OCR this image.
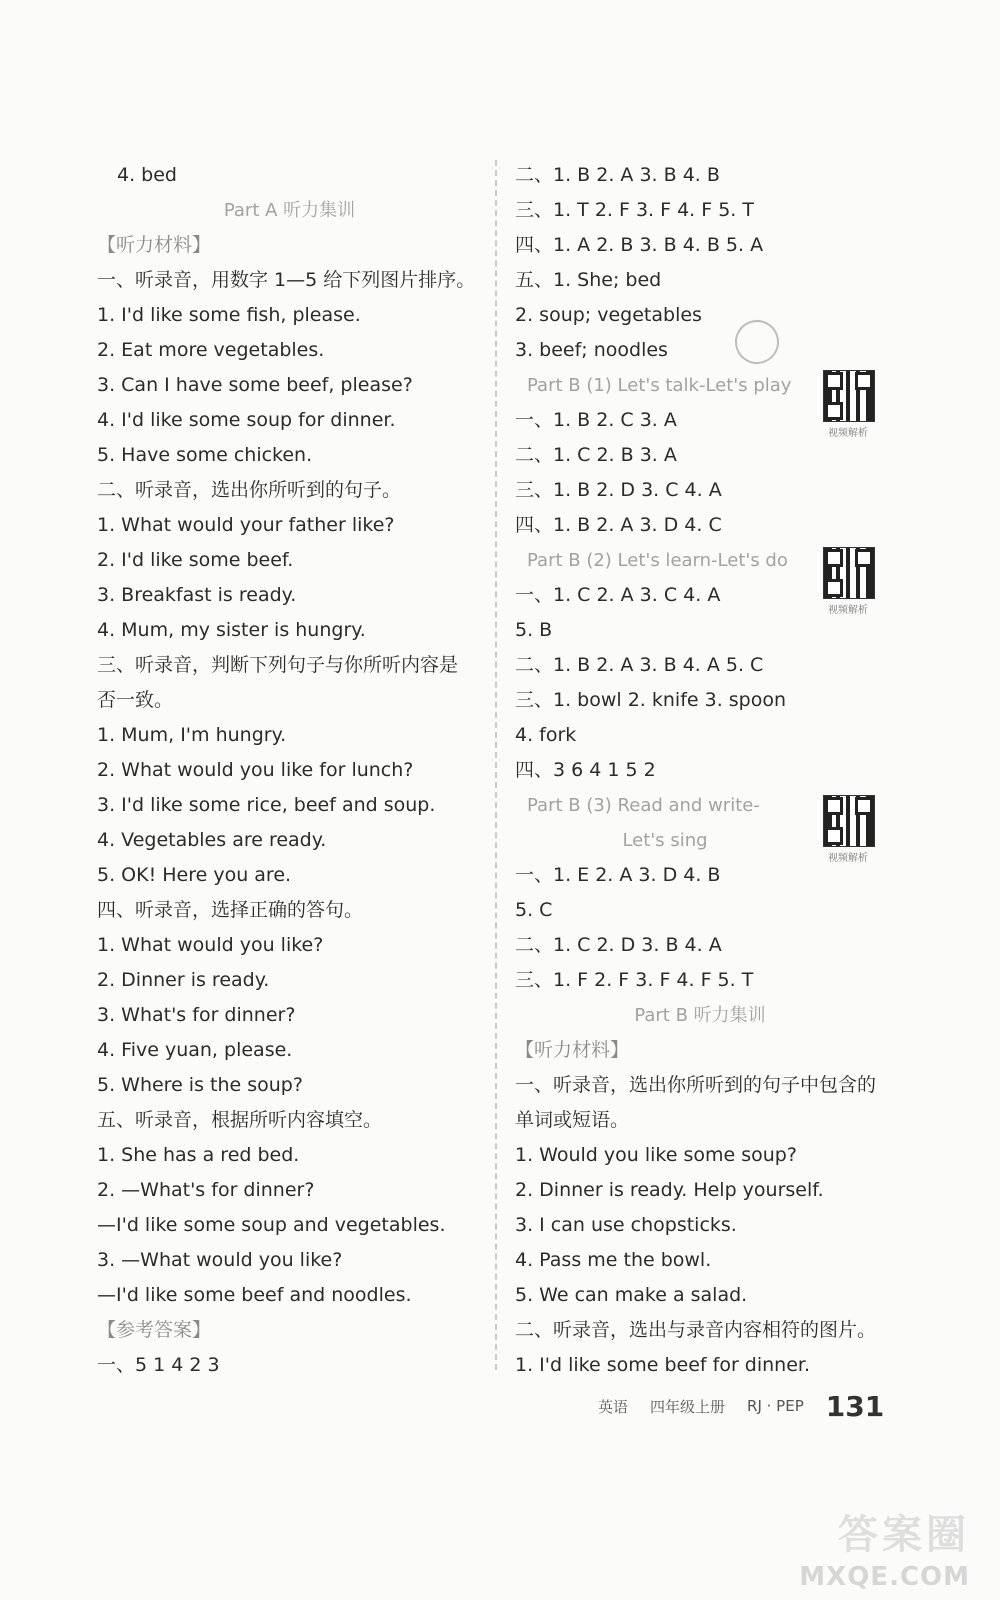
4. bed
Part A 听力集训
【听力材料】
一、听录音，用数字 1—5 给下列图片排序。
1. I'd like some fish, please.
2. Eat more vegetables.
3. Can I have some beef, please?
4. I'd like some soup for dinner.
5. Have some chicken.
二、听录音，选出你所听到的句子。
1. What would your father like?
2. I'd like some beef.
3. Breakfast is ready.
4. Mum, my sister is hungry.
三、听录音，判断下列句子与你所听内容是
否一致。
1. Mum, I'm hungry.
2. What would you like for lunch?
3. I'd like some rice, beef and soup.
4. Vegetables are ready.
5. OK! Here you are.
四、听录音，选择正确的答句。
1. What would you like?
2. Dinner is ready.
3. What's for dinner?
4. Five yuan, please.
5. Where is the soup?
五、听录音，根据所听内容填空。
1. She has a red bed.
2. —What's for dinner?
—I'd like some soup and vegetables.
3. —What would you like?
—I'd like some beef and noodles.
【参考答案】
一、5 1 4 2 3
二、1. B 2. A 3. B 4. B
三、1. T 2. F 3. F 4. F 5. T
四、1. A 2. B 3. B 4. B 5. A
五、1. She; bed
2. soup; vegetables
3. beef; noodles
Part B (1) Let's talk-Let's play
一、1. B 2. C 3. A
二、1. C 2. B 3. A
三、1. B 2. D 3. C 4. A
四、1. B 2. A 3. D 4. C
Part B (2) Let's learn-Let's do
一、1. C 2. A 3. C 4. A
5. B
二、1. B 2. A 3. B 4. A 5. C
三、1. bowl 2. knife 3. spoon
4. fork
四、3 6 4 1 5 2
Part B (3) Read and write-
Let's sing
一、1. E 2. A 3. D 4. B
5. C
二、1. C 2. D 3. B 4. A
三、1. F 2. F 3. F 4. F 5. T
Part B 听力集训
【听力材料】
一、听录音，选出你所听到的句子中包含的
单词或短语。
1. Would you like some soup?
2. Dinner is ready. Help yourself.
3. I can use chopsticks.
4. Pass me the bowl.
5. We can make a salad.
二、听录音，选出与录音内容相符的图片。
1. I'd like some beef for dinner.
视频解析
视频解析
视频解析
英语 四年级上册 RJ · PEP 131
答案圈
MXQE.COM
